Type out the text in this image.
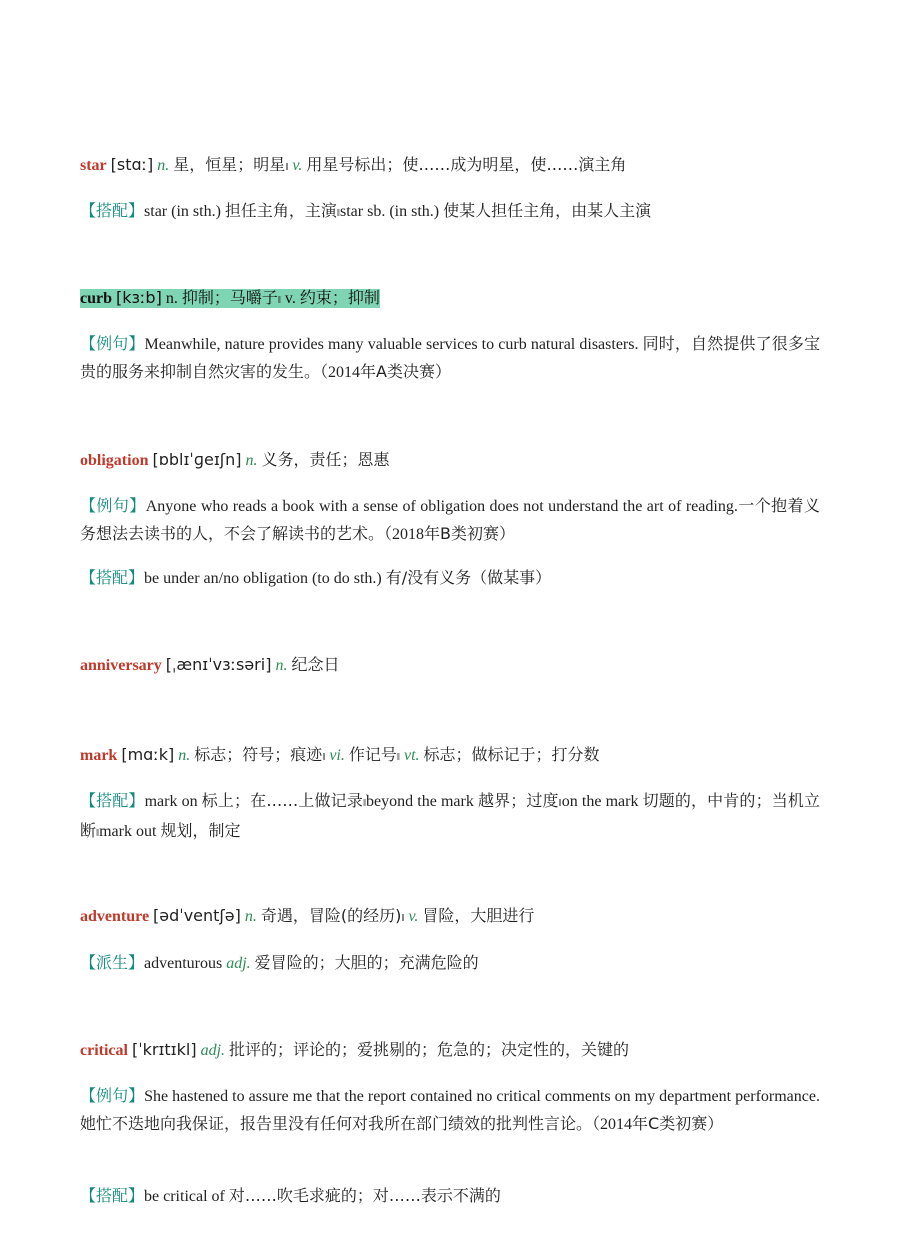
star [stɑː] n. 星，恒星；明星‖ v. 用星号标出；使……成为明星，使……演主角

【搭配】star (in sth.) 担任主角，主演‖star sb. (in sth.) 使某人担任主角，由某人主演

curb [kɜːb] n. 抑制；马嚼子‖ v. 约束；抑制

【例句】Meanwhile, nature provides many valuable services to curb natural disasters. 同时，自然提供了很多宝贵的服务来抑制自然灾害的发生。（2014年A类决赛）

obligation [ɒblɪˈɡeɪʃn] n. 义务，责任；恩惠

【例句】Anyone who reads a book with a sense of obligation does not understand the art of reading.一个抱着义务想法去读书的人，不会了解读书的艺术。（2018年B类初赛）

【搭配】be under an/no obligation (to do sth.) 有/没有义务（做某事）

anniversary [ˌænɪˈvɜːsəri] n. 纪念日

mark [mɑːk] n. 标志；符号；痕迹‖ vi. 作记号‖ vt. 标志；做标记于；打分数

【搭配】mark on 标上；在……上做记录‖beyond the mark 越界；过度‖on the mark 切题的，中肯的；当机立断‖mark out 规划，制定

adventure [ədˈventʃə] n. 奇遇，冒险(的经历)‖ v. 冒险，大胆进行

【派生】adventurous adj. 爱冒险的；大胆的；充满危险的

critical [ˈkrɪtɪkl] adj. 批评的；评论的；爱挑剔的；危急的；决定性的，关键的

【例句】She hastened to assure me that the report contained no critical comments on my department performance. 她忙不迭地向我保证，报告里没有任何对我所在部门绩效的批判性言论。（2014年C类初赛）

【搭配】be critical of 对……吹毛求疵的；对……表示不满的
